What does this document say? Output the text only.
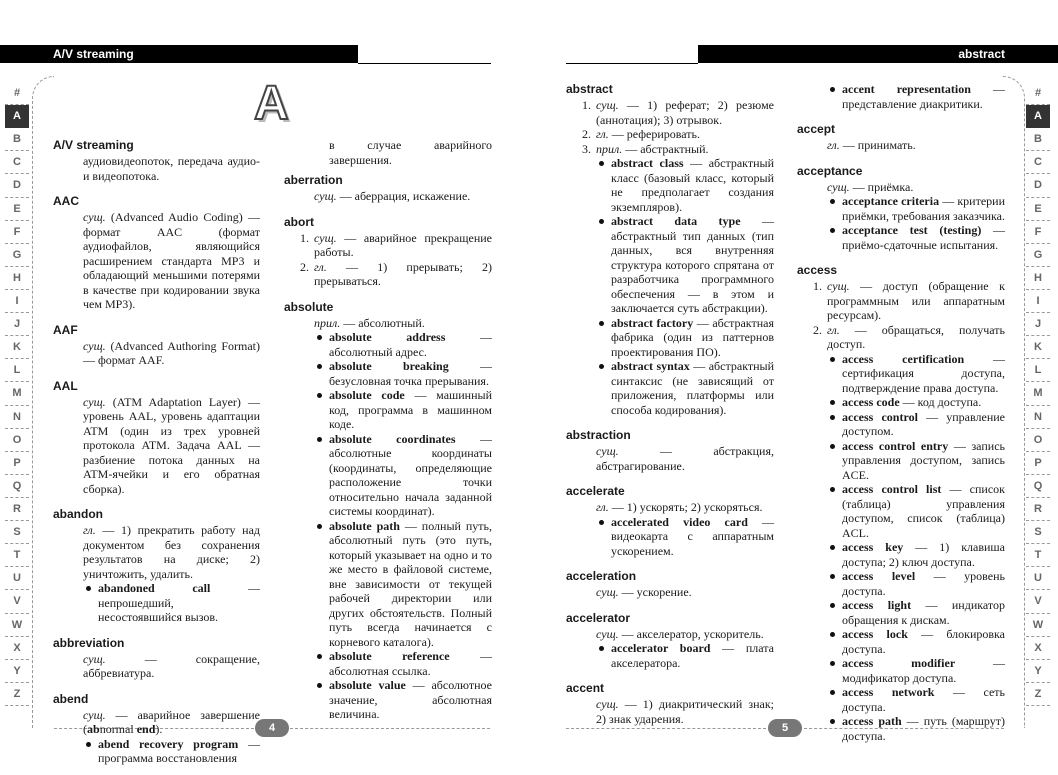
A/V streaming	abstract
#
A
B
C
D
E
F
G
H
I
J
K
L
M
N
O
P
Q
R
S
T
U
V
W
X
Y
Z
#
A
B
C
D
E
F
G
H
I
J
K
L
M
N
O
P
Q
R
S
T
U
V
W
X
Y
Z
4	5
A
A/V streaming
аудиовидеопоток, передача аудио- и видеопотока.
AAC
сущ. (Advanced Audio Coding) — формат AAC (формат аудиофайлов, являющийся расширением стандарта MP3 и обладающий меньшими потерями в качестве при кодировании звука чем MP3).
AAF
сущ. (Advanced Authoring Format) — формат AAF.
AAL
сущ. (ATM Adaptation Layer) — уровень AAL, уровень адаптации ATM (один из трех уровней протокола ATM. Задача AAL — разбиение потока данных на ATM-ячейки и его обратная сборка).
abandon
гл. — 1) прекратить работу над документом без сохранения результатов на диске; 2) уничтожить, удалить.
abandoned call — непрошедший, несостоявшийся вызов.
abbreviation
сущ. — сокращение, аббревиатура.
abend
сущ. — аварийное завершение (abnormal end).
abend recovery program — программа восстановления
в случае аварийного завершения.
aberration
сущ. — аберрация, искажение.
abort
1. сущ. — аварийное прекращение работы.
2. гл. — 1) прерывать; 2) прерываться.
absolute
прил. — абсолютный.
absolute address — абсолютный адрес.
absolute breaking — безусловная точка прерывания.
absolute code — машинный код, программа в машинном коде.
absolute coordinates — абсолютные координаты (координаты, определяющие расположение точки относительно начала заданной системы координат).
absolute path — полный путь, абсолютный путь (это путь, который указывает на одно и то же место в файловой системе, вне зависимости от текущей рабочей директории или других обстоятельств. Полный путь всегда начинается с корневого каталога).
absolute reference — абсолютная ссылка.
absolute value — абсолютное значение, абсолютная величина.
abstract
1. сущ. — 1) реферат; 2) резюме (аннотация); 3) отрывок.
2. гл. — реферировать.
3. прил. — абстрактный.
abstract class — абстрактный класс (базовый класс, который не предполагает создания экземпляров).
abstract data type — абстрактный тип данных (тип данных, вся внутренняя структура которого спрятана от разработчика программного обеспечения — в этом и заключается суть абстракции).
abstract factory — абстрактная фабрика (один из паттернов проектирования ПО).
abstract syntax — абстрактный синтаксис (не зависящий от приложения, платформы или способа кодирования).
abstraction
сущ. — абстракция, абстрагирование.
accelerate
гл. — 1) ускорять; 2) ускоряться.
accelerated video card — видеокарта с аппаратным ускорением.
acceleration
сущ. — ускорение.
accelerator
сущ. — акселератор, ускоритель.
accelerator board — плата акселератора.
accent
сущ. — 1) диакритический знак; 2) знак ударения.
accent representation — представление диакритики.
accept
гл. — принимать.
acceptance
сущ. — приёмка.
acceptance criteria — критерии приёмки, требования заказчика.
acceptance test (testing) — приёмо-сдаточные испытания.
access
1. сущ. — доступ (обращение к программным или аппаратным ресурсам).
2. гл. — обращаться, получать доступ.
access certification — сертификация доступа, подтверждение права доступа.
access code — код доступа.
access control — управление доступом.
access control entry — запись управления доступом, запись ACE.
access control list — список (таблица) управления доступом, список (таблица) ACL.
access key — 1) клавиша доступа; 2) ключ доступа.
access level — уровень доступа.
access light — индикатор обращения к дискам.
access lock — блокировка доступа.
access modifier — модификатор доступа.
access network — сеть доступа.
access path — путь (маршрут) доступа.
